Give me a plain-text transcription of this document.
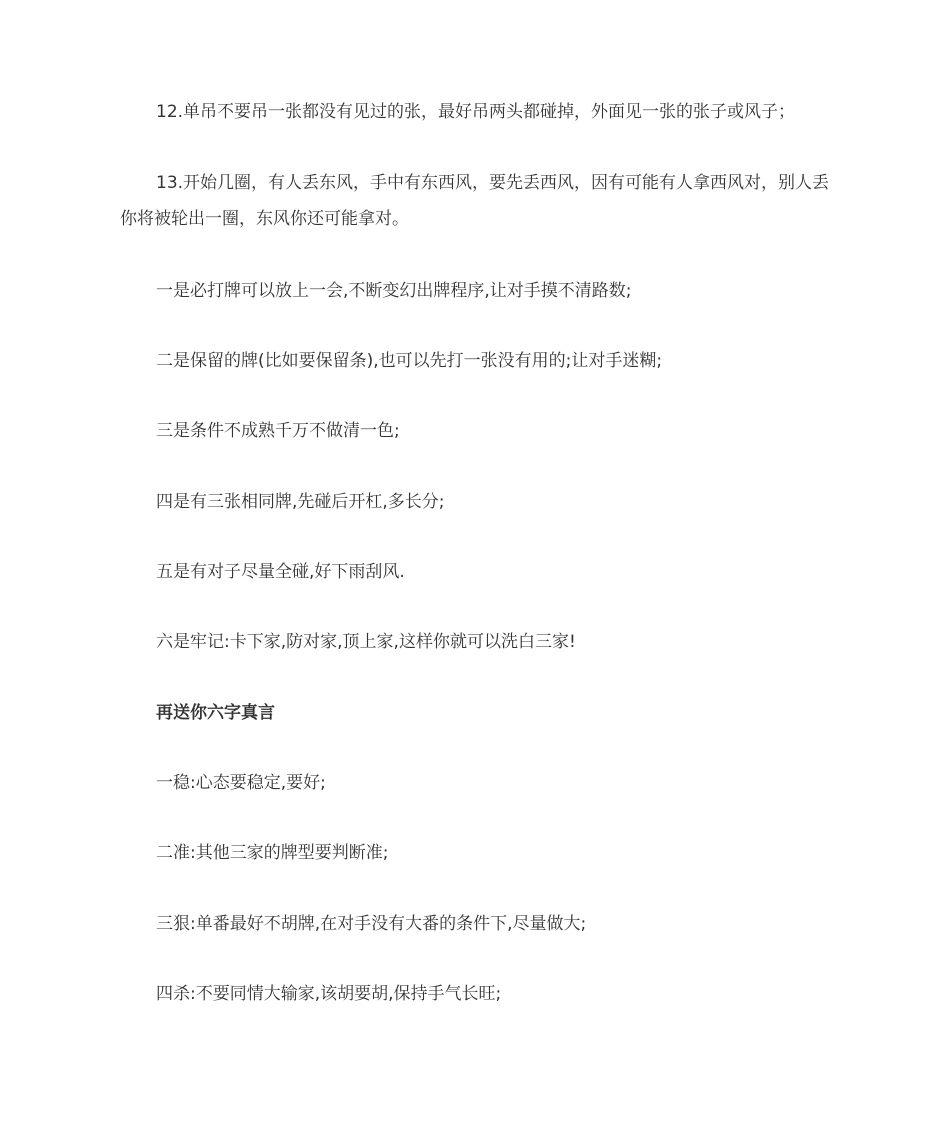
12.单吊不要吊一张都没有见过的张，最好吊两头都碰掉，外面见一张的张子或风子；

13.开始几圈，有人丢东风，手中有东西风，要先丢西风，因有可能有人拿西风对，别人丢你将被轮出一圈，东风你还可能拿对。

一是必打牌可以放上一会,不断变幻出牌程序,让对手摸不清路数;

二是保留的牌(比如要保留条),也可以先打一张没有用的;让对手迷糊;

三是条件不成熟千万不做清一色;

四是有三张相同牌,先碰后开杠,多长分;

五是有对子尽量全碰,好下雨刮风.

六是牢记:卡下家,防对家,顶上家,这样你就可以洗白三家!

再送你六字真言

一稳:心态要稳定,要好;

二准:其他三家的牌型要判断准;

三狠:单番最好不胡牌,在对手没有大番的条件下,尽量做大;

四杀:不要同情大输家,该胡要胡,保持手气长旺;
